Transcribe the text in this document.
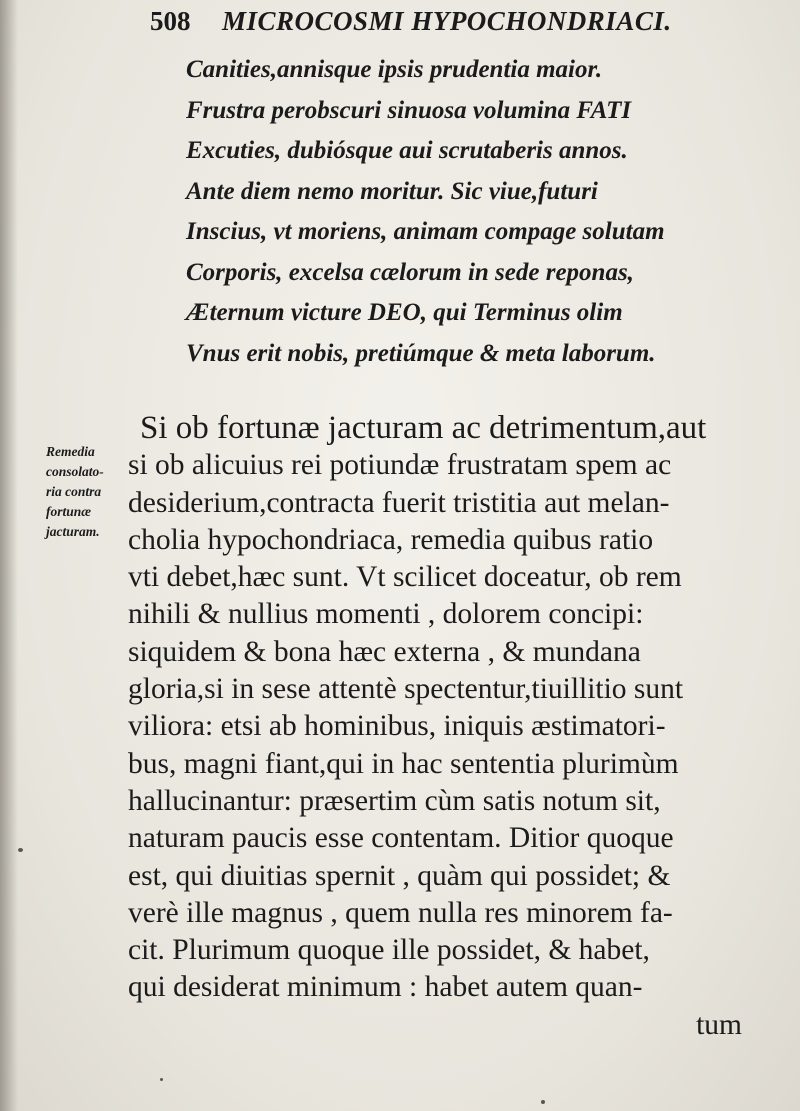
508 MICROCOSMI HYPOCHONDRIACI.
Canities,annisque ipsis prudentia maior.
Frustra perobscuri sinuosa volumina FATI
Excuties, dubiósque aui scrutaberis annos.
Ante diem nemo moritur. Sic viue,futuri
Inscius, vt moriens, animam compage solutam
Corporis, excelsa cælorum in sede reponas,
Æternum victure DEO, qui Terminus olim
Vnus erit nobis, pretiúmque & meta laborum.
Remedia
consolato-
ria contra
fortunæ
jacturam.
Si ob fortunæ jacturam ac detrimentum,aut
si ob alicuius rei potiundæ frustratam spem ac
desiderium,contracta fuerit tristitia aut melan-
cholia hypochondriaca, remedia quibus ratio
vti debet,hæc sunt. Vt scilicet doceatur, ob rem
nihili & nullius momenti , dolorem concipi:
siquidem & bona hæc externa , & mundana
gloria,si in sese attentè spectentur,tiuillitio sunt
viliora: etsi ab hominibus, iniquis æstimatori-
bus, magni fiant,qui in hac sententia plurimùm
hallucinantur: præsertim cùm satis notum sit,
naturam paucis esse contentam. Ditior quoque
est, qui diuitias spernit , quàm qui possidet; &
verè ille magnus , quem nulla res minorem fa-
cit. Plurimum quoque ille possidet, & habet,
qui desiderat minimum : habet autem quan-
tum
